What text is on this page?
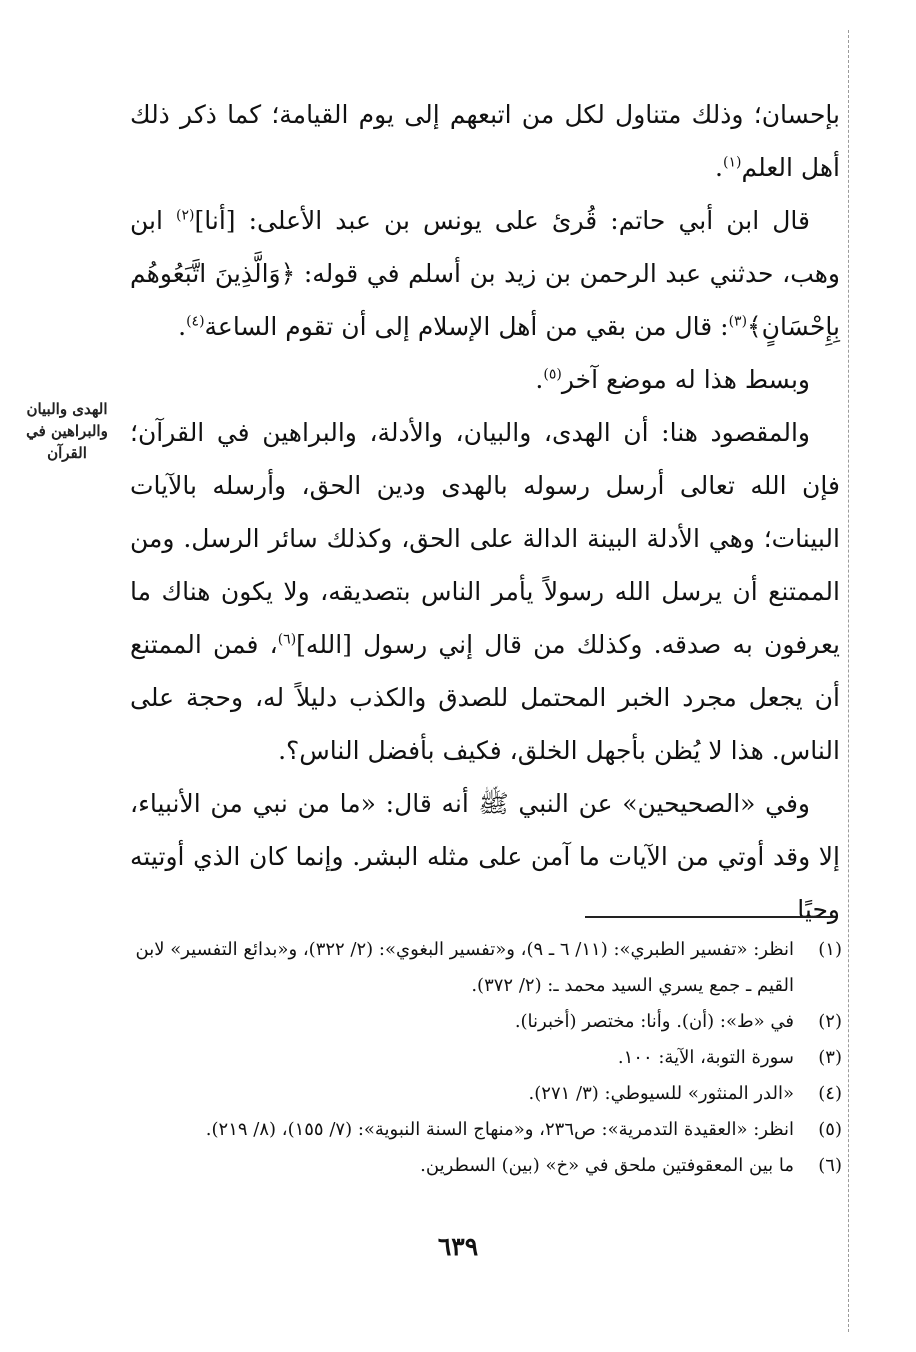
بإحسان؛ وذلك متناول لكل من اتبعهم إلى يوم القيامة؛ كما ذكر ذلك أهل العلم$^{(١)}$.

قال ابن أبي حاتم: قُرئ على يونس بن عبد الأعلى: [أنا]$^{(٢)}$ ابن وهب، حدثني عبد الرحمن بن زيد بن أسلم في قوله: ﴿وَالَّذِينَ اتَّبَعُوهُم بِإِحْسَانٍ﴾$^{(٣)}$: قال من بقي من أهل الإسلام إلى أن تقوم الساعة$^{(٤)}$.

وبسط هذا له موضع آخر$^{(٥)}$.

والمقصود هنا: أن الهدى، والبيان، والأدلة، والبراهين في القرآن؛ فإن الله تعالى أرسل رسوله بالهدى ودين الحق، وأرسله بالآيات البينات؛ وهي الأدلة البينة الدالة على الحق، وكذلك سائر الرسل. ومن الممتنع أن يرسل الله رسولاً يأمر الناس بتصديقه، ولا يكون هناك ما يعرفون به صدقه. وكذلك من قال إني رسول [الله]$^{(٦)}$، فمن الممتنع أن يجعل مجرد الخبر المحتمل للصدق والكذب دليلاً له، وحجة على الناس. هذا لا يُظن بأجهل الخلق، فكيف بأفضل الناس؟.

وفي «الصحيحين» عن النبي ﷺ أنه قال: «ما من نبي من الأنبياء، إلا وقد أوتي من الآيات ما آمن على مثله البشر. وإنما كان الذي أوتيته وحيًا

الهدى والبيان
والبراهين في القرآن
(١)
انظر: «تفسير الطبري»: (١١/ ٦ ـ ٩)، و«تفسير البغوي»: (٢/ ٣٢٢)، و«بدائع التفسير» لابن القيم ـ جمع يسري السيد محمد ـ: (٢/ ٣٧٢).
(٢)
في «ط»: (أن). وأنا: مختصر (أخبرنا).
(٣)
سورة التوبة، الآية: ١٠٠.
(٤)
«الدر المنثور» للسيوطي: (٣/ ٢٧١).
(٥)
انظر: «العقيدة التدمرية»: ص٢٣٦، و«منهاج السنة النبوية»: (٧/ ١٥٥)، (٨/ ٢١٩).
(٦)
ما بين المعقوفتين ملحق في «خ» (بين) السطرين.
٦٣٩
